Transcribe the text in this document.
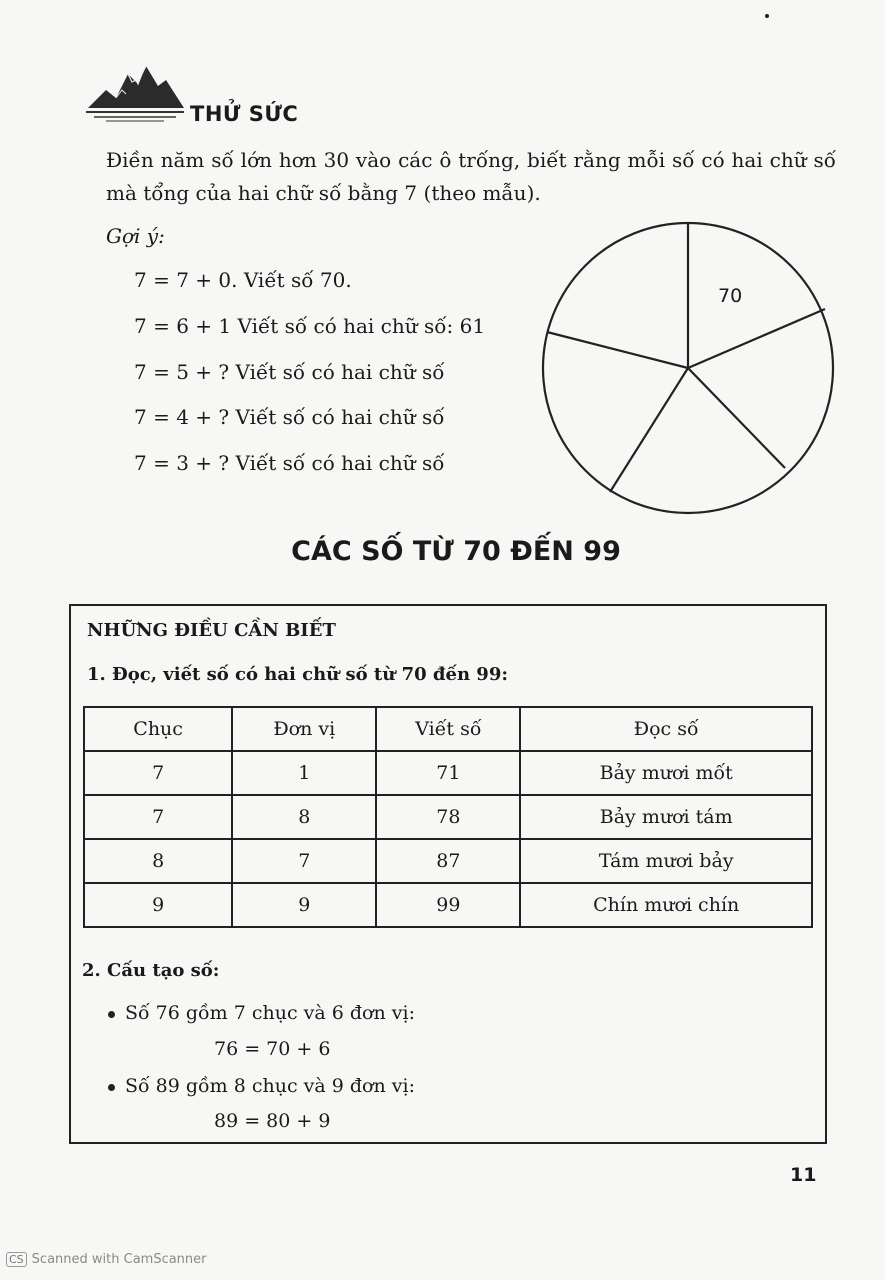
THỬ SỨC
Điền năm số lớn hơn 30 vào các ô trống, biết rằng mỗi số có hai chữ số mà tổng của hai chữ số bằng 7 (theo mẫu).
Gợi ý:
7 = 7 + 0. Viết số 70.
7 = 6 + 1 Viết số có hai chữ số: 61
7 = 5 + ? Viết số có hai chữ số
7 = 4 + ? Viết số có hai chữ số
7 = 3 + ? Viết số có hai chữ số
70
CÁC SỐ TỪ 70 ĐẾN 99
NHỮNG ĐIỀU CẦN BIẾT
1. Đọc, viết số có hai chữ số từ 70 đến 99:
Chục	Đơn vị	Viết số	Đọc số
7	1	71	Bảy mươi mốt
7	8	78	Bảy mươi tám
8	7	87	Tám mươi bảy
9	9	99	Chín mươi chín
2. Cấu tạo số:
Số 76 gồm 7 chục và 6 đơn vị:
76 = 70 + 6
Số 89 gồm 8 chục và 9 đơn vị:
89 = 80 + 9
11
CS Scanned with CamScanner
